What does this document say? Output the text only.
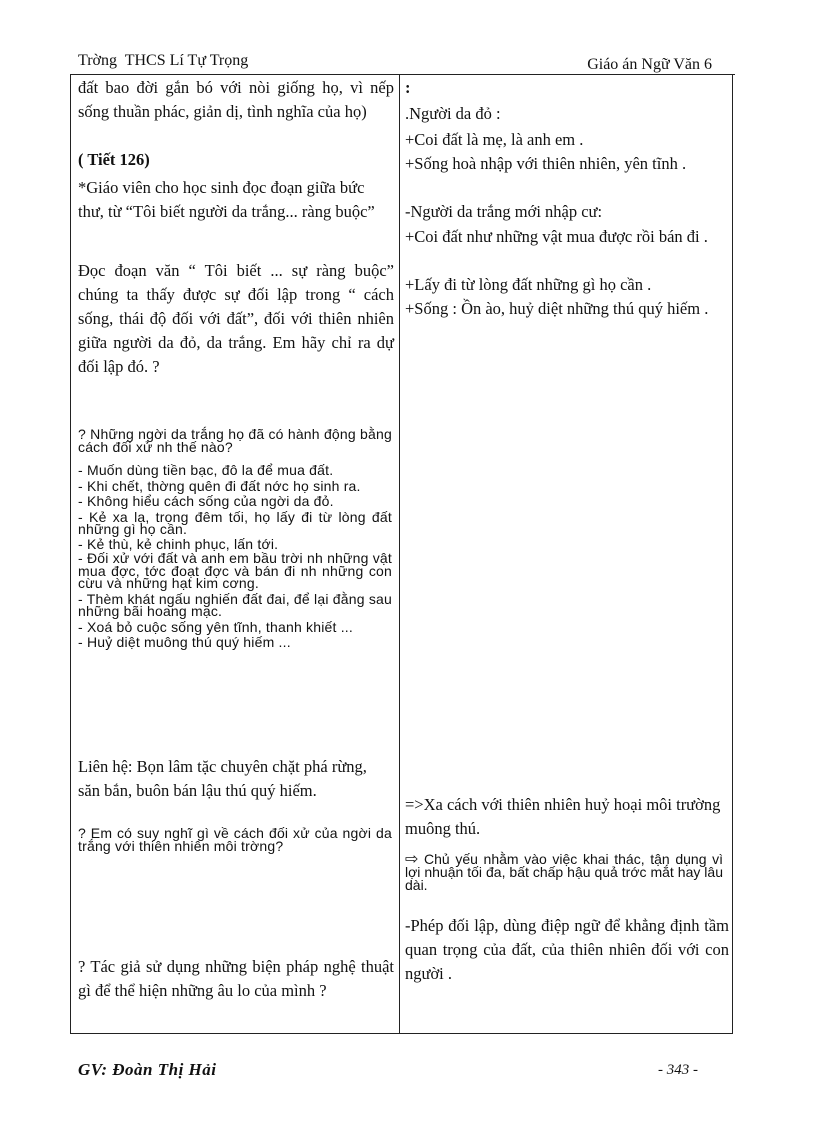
Trờng THCS Lí Tự Trọng	Giáo án Ngữ Văn 6

đất bao đời gắn bó với nòi giống họ, vì nếp sống thuần phác, giản dị, tình nghĩa của họ)

( Tiết 126)

*Giáo viên cho học sinh đọc đoạn giữa bức thư, từ “Tôi biết người da trắng... ràng buộc”

Đọc đoạn văn “ Tôi biết ... sự ràng buộc” chúng ta thấy được sự đối lập trong “ cách sống, thái độ đối với đất”, đối với thiên nhiên giữa người da đỏ, da trắng. Em hãy chỉ ra dự đối lập đó. ?

? Những ngời da trắng họ đã có hành động bằng cách đối xử nh thế nào?

- Muốn dùng tiền bạc, đô la để mua đất.
- Khi chết, thờng quên đi đất nớc họ sinh ra.
- Không hiểu cách sống của ngời da đỏ.
- Kẻ xa lạ, trong đêm tối, họ lấy đi từ lòng đất những gì họ cần.
- Kẻ thù, kẻ chinh phục, lấn tới.
- Đối xử với đất và anh em bầu trời nh những vật mua đợc, tớc đoạt đợc và bán đi nh những con cừu và những hạt kim cơng.
- Thèm khát ngấu nghiến đất đai, để lại đằng sau những bãi hoang mạc.
- Xoá bỏ cuộc sống yên tĩnh, thanh khiết ...
- Huỷ diệt muông thú quý hiếm ...

Liên hệ: Bọn lâm tặc chuyên chặt phá rừng, săn bắn, buôn bán lậu thú quý hiếm.

? Em có suy nghĩ gì về cách đối xử của ngời da trắng với thiên nhiên môi trờng?

? Tác giả sử dụng những biện pháp nghệ thuật gì để thể hiện những âu lo của mình ?

:

.Người da đỏ :

+Coi đất là mẹ, là anh em .

+Sống hoà nhập với thiên nhiên, yên tĩnh .

-Người da trắng mới nhập cư:

+Coi đất như những vật mua được rồi bán đi .

+Lấy đi từ lòng đất những gì họ cần .

+Sống : Ồn ào, huỷ diệt những thú quý hiếm .

=>Xa cách với thiên nhiên huỷ hoại môi trường muông thú.

⇨ Chủ yếu nhằm vào việc khai thác, tận dụng vì lợi nhuận tối đa, bất chấp hậu quả trớc mắt hay lâu dài.

-Phép đối lập, dùng điệp ngữ để khẳng định tầm quan trọng của đất, của thiên nhiên đối với con người .

GV: Đoàn Thị Hải	- 343 -
